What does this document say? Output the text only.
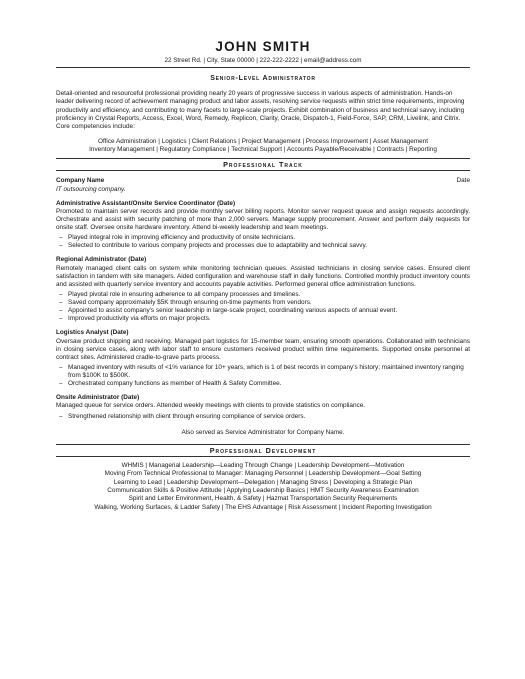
JOHN SMITH
22 Street Rd. | City, State 00000 | 222-222-2222 | email@address.com
Senior-Level Administrator
Detail-oriented and resourceful professional providing nearly 20 years of progressive success in various aspects of administration. Hands-on leader delivering record of achievement managing product and labor assets, resolving service requests within strict time requirements, improving productivity and efficiency, and contributing to many facets to large-scale projects. Exhibit combination of business and technical savvy, including proficiency in Crystal Reports, Access, Excel, Word, Remedy, Replicon, Clarity, Oracle, Dispatch-1, Field-Force, SAP, CRM, Livelink, and Citrix. Core competencies include:
Office Administration | Logistics | Client Relations | Project Management | Process Improvement | Asset Management
Inventory Management | Regulatory Compliance | Technical Support | Accounts Payable/Receivable | Contracts | Reporting
Professional Track
Company Name	Date
IT outsourcing company.
Administrative Assistant/Onsite Service Coordinator (Date)
Promoted to maintain server records and provide monthly server billing reports. Monitor server request queue and assign requests accordingly. Orchestrate and assist with security patching of more than 2,000 servers. Manage supply procurement. Answer and perform daily requests for onsite staff. Oversee onsite hardware inventory. Attend bi-weekly leadership and team meetings.
– Played integral role in improving efficiency and productivity of onsite technicians.
– Selected to contribute to various company projects and processes due to adaptability and technical savvy.
Regional Administrator (Date)
Remotely managed client calls on system while monitoring technician queues. Assisted technicians in closing service cases. Ensured client satisfaction in tandem with site managers. Aided configuration and warehouse staff in daily functions. Controlled monthly product inventory counts and assisted with quarterly service inventory and accounts payable activities. Performed general office administration functions.
– Played pivotal role in ensuring adherence to all company processes and timelines.
– Saved company approximately $5K through ensuring on-time payments from vendors.
– Appointed to assist company's senior leadership in large-scale project, coordinating various aspects of annual event.
– Improved productivity via efforts on major projects.
Logistics Analyst (Date)
Oversaw product shipping and receiving. Managed part logistics for 15-member team, ensuring smooth operations. Collaborated with technicians in closing service cases, along with labor staff to ensure customers received product within time requirements. Supported onsite personnel at contract sites. Administered cradle-to-grave parts process.
– Managed inventory with results of <1% variance for 10+ years, which is 1 of best records in company's history; maintained inventory ranging from $100K to $500K.
– Orchestrated company functions as member of Health & Safety Committee.
Onsite Administrator (Date)
Managed queue for service orders. Attended weekly meetings with clients to provide statistics on compliance.
– Strengthened relationship with client through ensuring compliance of service orders.
Also served as Service Administrator for Company Name.
Professional Development
WHMIS | Managerial Leadership—Leading Through Change | Leadership Development—Motivation
Moving From Technical Professional to Manager: Managing Personnel | Leadership Development—Goal Setting
Learning to Lead | Leadership Development—Delegation | Managing Stress | Developing a Strategic Plan
Communication Skills & Positive Attitude | Applying Leadership Basics | HMT Security Awareness Examination
Spirit and Letter Environment, Health, & Safety | Hazmat Transportation Security Requirements
Walking, Working Surfaces, & Ladder Safety | The EHS Advantage | Risk Assessment | Incident Reporting Investigation
